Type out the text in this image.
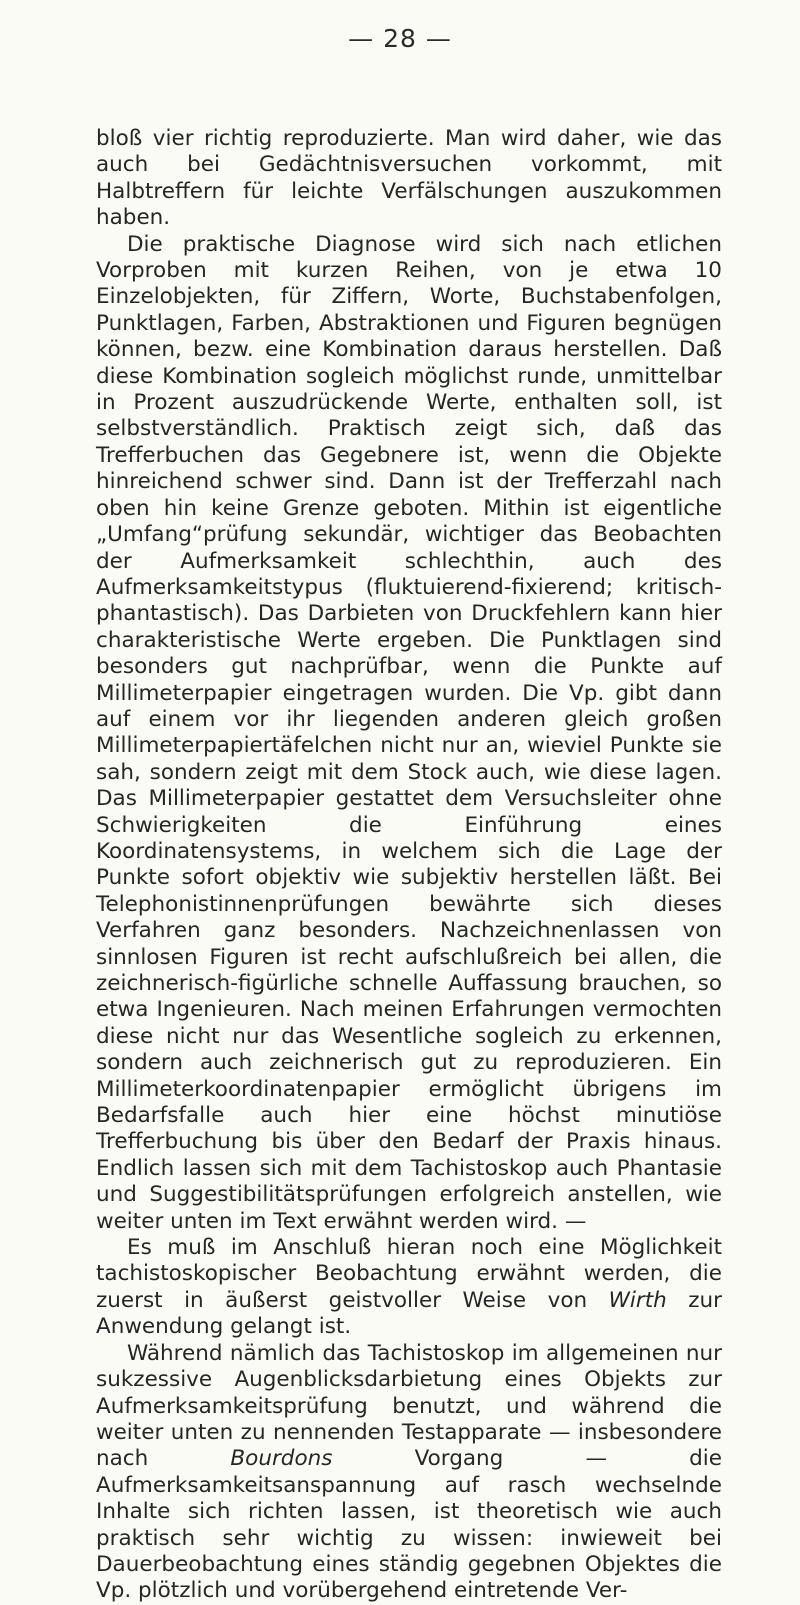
— 28 —

bloß vier richtig reproduzierte. Man wird daher, wie das auch bei Gedächtnisversuchen vorkommt, mit Halbtreffern für leichte Verfälschungen auszukommen haben.

Die praktische Diagnose wird sich nach etlichen Vorproben mit kurzen Reihen, von je etwa 10 Einzelobjekten, für Ziffern, Worte, Buchstabenfolgen, Punktlagen, Farben, Abstraktionen und Figuren begnügen können, bezw. eine Kombination daraus herstellen. Daß diese Kombination sogleich möglichst runde, unmittelbar in Prozent auszudrückende Werte, enthalten soll, ist selbstverständlich. Praktisch zeigt sich, daß das Trefferbuchen das Gegebnere ist, wenn die Objekte hinreichend schwer sind. Dann ist der Trefferzahl nach oben hin keine Grenze geboten. Mithin ist eigentliche „Umfang“prüfung sekundär, wichtiger das Beobachten der Aufmerksamkeit schlechthin, auch des Aufmerksamkeitstypus (fluktuierend-fixierend; kritisch-phantastisch). Das Darbieten von Druckfehlern kann hier charakteristische Werte ergeben. Die Punktlagen sind besonders gut nachprüfbar, wenn die Punkte auf Millimeterpapier eingetragen wurden. Die Vp. gibt dann auf einem vor ihr liegenden anderen gleich großen Millimeterpapiertäfelchen nicht nur an, wieviel Punkte sie sah, sondern zeigt mit dem Stock auch, wie diese lagen. Das Millimeterpapier gestattet dem Versuchsleiter ohne Schwierigkeiten die Einführung eines Koordinatensystems, in welchem sich die Lage der Punkte sofort objektiv wie subjektiv herstellen läßt. Bei Telephonistinnenprüfungen bewährte sich dieses Verfahren ganz besonders. Nachzeichnenlassen von sinnlosen Figuren ist recht aufschlußreich bei allen, die zeichnerisch-figürliche schnelle Auffassung brauchen, so etwa Ingenieuren. Nach meinen Erfahrungen vermochten diese nicht nur das Wesentliche sogleich zu erkennen, sondern auch zeichnerisch gut zu reproduzieren. Ein Millimeterkoordinatenpapier ermöglicht übrigens im Bedarfsfalle auch hier eine höchst minutiöse Trefferbuchung bis über den Bedarf der Praxis hinaus. Endlich lassen sich mit dem Tachistoskop auch Phantasie und Suggestibilitätsprüfungen erfolgreich anstellen, wie weiter unten im Text erwähnt werden wird. —

Es muß im Anschluß hieran noch eine Möglichkeit tachistoskopischer Beobachtung erwähnt werden, die zuerst in äußerst geistvoller Weise von Wirth zur Anwendung gelangt ist.

Während nämlich das Tachistoskop im allgemeinen nur sukzessive Augenblicksdarbietung eines Objekts zur Aufmerksamkeitsprüfung benutzt, und während die weiter unten zu nennenden Testapparate — insbesondere nach Bourdons Vorgang — die Aufmerksamkeitsanspannung auf rasch wechselnde Inhalte sich richten lassen, ist theoretisch wie auch praktisch sehr wichtig zu wissen: inwieweit bei Dauerbeobachtung eines ständig gegebnen Objektes die Vp. plötzlich und vorübergehend eintretende Ver-
